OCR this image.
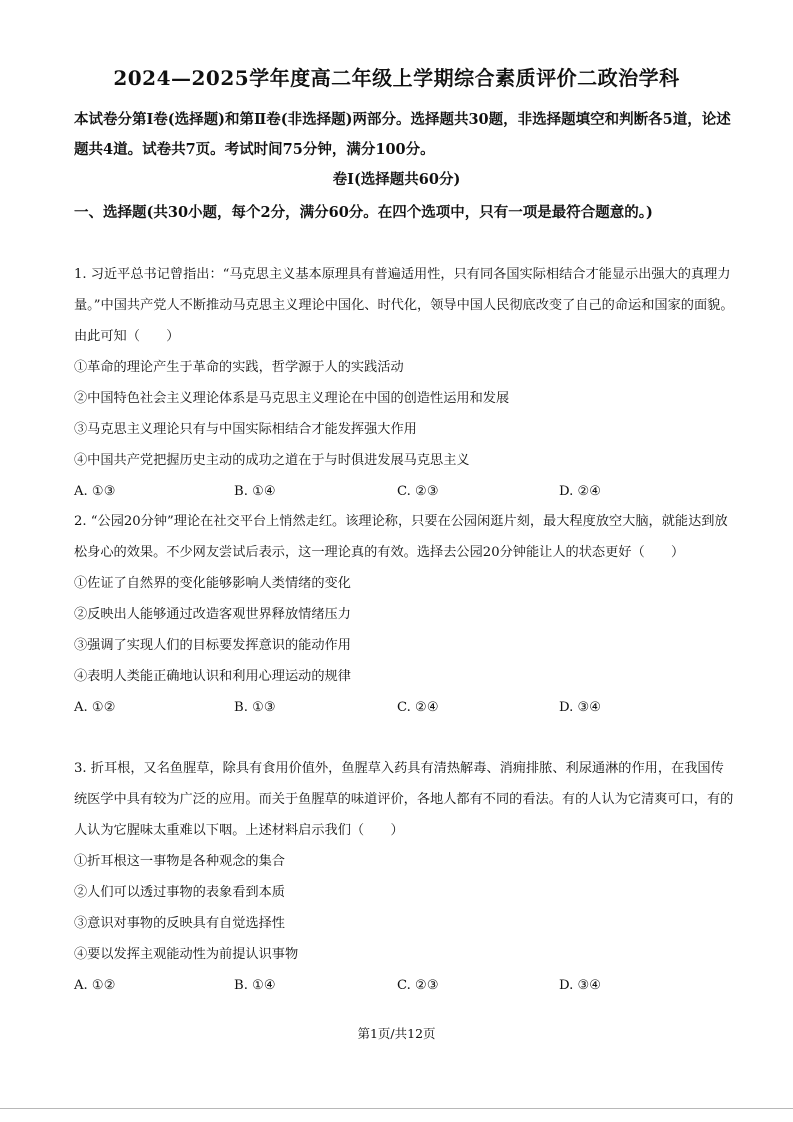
2024—2025学年度高二年级上学期综合素质评价二政治学科
本试卷分第Ⅰ卷(选择题)和第Ⅱ卷(非选择题)两部分。选择题共30题，非选择题填空和判断各5道，论述题共4道。试卷共7页。考试时间75分钟，满分100分。
卷Ⅰ(选择题共60分)
一、选择题(共30小题，每个2分，满分60分。在四个选项中，只有一项是最符合题意的。)

1. 习近平总书记曾指出：“马克思主义基本原理具有普遍适用性，只有同各国实际相结合才能显示出强大的真理力量。”中国共产党人不断推动马克思主义理论中国化、时代化，领导中国人民彻底改变了自己的命运和国家的面貌。由此可知（　　）

①革命的理论产生于革命的实践，哲学源于人的实践活动

②中国特色社会主义理论体系是马克思主义理论在中国的创造性运用和发展

③马克思主义理论只有与中国实际相结合才能发挥强大作用

④中国共产党把握历史主动的成功之道在于与时俱进发展马克思主义

A. ①③	B. ①④	C. ②③	D. ②④

2. “公园20分钟”理论在社交平台上悄然走红。该理论称，只要在公园闲逛片刻，最大程度放空大脑，就能达到放松身心的效果。不少网友尝试后表示，这一理论真的有效。选择去公园20分钟能让人的状态更好（　　）

①佐证了自然界的变化能够影响人类情绪的变化

②反映出人能够通过改造客观世界释放情绪压力

③强调了实现人们的目标要发挥意识的能动作用

④表明人类能正确地认识和利用心理运动的规律

A. ①②	B. ①③	C. ②④	D. ③④

3. 折耳根，又名鱼腥草，除具有食用价值外，鱼腥草入药具有清热解毒、消痈排脓、利尿通淋的作用，在我国传统医学中具有较为广泛的应用。而关于鱼腥草的味道评价，各地人都有不同的看法。有的人认为它清爽可口，有的人认为它腥味太重难以下咽。上述材料启示我们（　　）

①折耳根这一事物是各种观念的集合

②人们可以透过事物的表象看到本质

③意识对事物的反映具有自觉选择性

④要以发挥主观能动性为前提认识事物

A. ①②	B. ①④	C. ②③	D. ③④
第1页/共12页
